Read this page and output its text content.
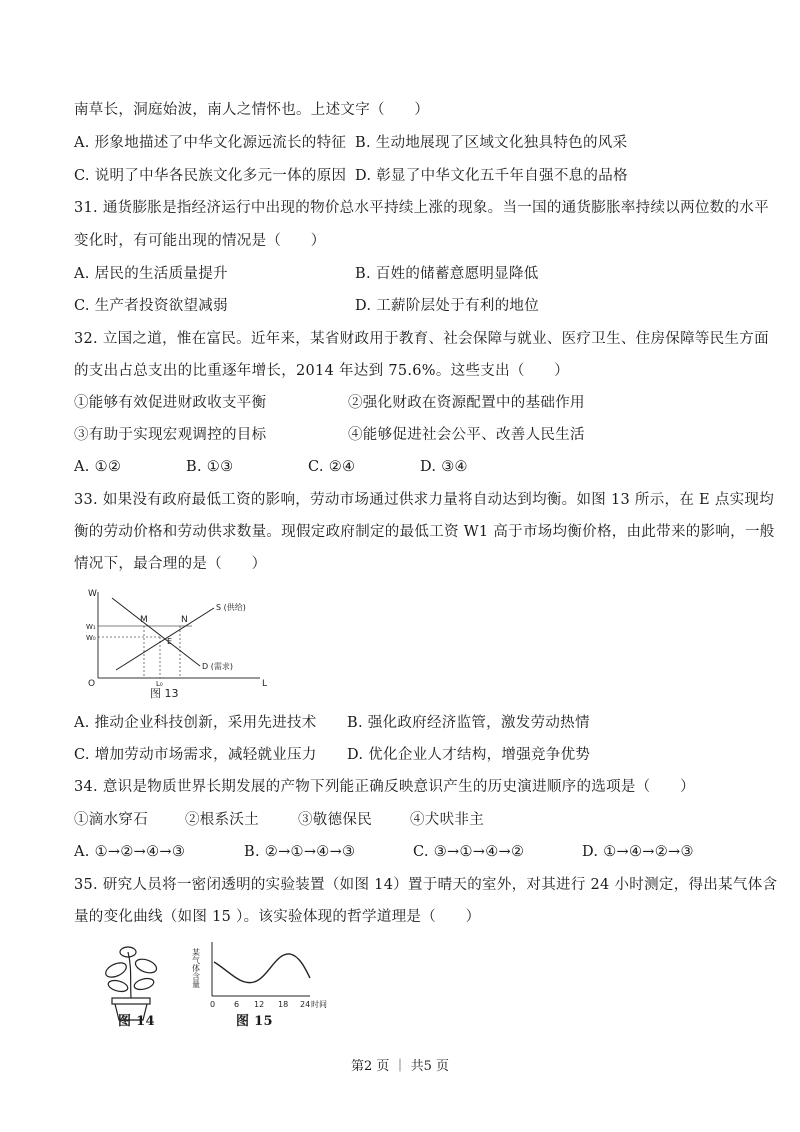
南草长，洞庭始波，南人之情怀也。上述文字（　　）
A. 形象地描述了中华文化源远流长的特征 B. 生动地展现了区域文化独具特色的风采
C. 说明了中华各民族文化多元一体的原因 D. 彰显了中华文化五千年自强不息的品格
31. 通货膨胀是指经济运行中出现的物价总水平持续上涨的现象。当一国的通货膨胀率持续以两位数的水平
变化时，有可能出现的情况是（　　）
A. 居民的生活质量提升	B. 百姓的储蓄意愿明显降低
C. 生产者投资欲望减弱	D. 工薪阶层处于有利的地位
32. 立国之道，惟在富民。近年来，某省财政用于教育、社会保障与就业、医疗卫生、住房保障等民生方面
的支出占总支出的比重逐年增长，2014 年达到 75.6%。这些支出（　　）
①能够有效促进财政收支平衡	②强化财政在资源配置中的基础作用
③有助于实现宏观调控的目标	④能够促进社会公平、改善人民生活
A. ①②	B. ①③	C. ②④	D. ③④
33. 如果没有政府最低工资的影响，劳动市场通过供求力量将自动达到均衡。如图 13 所示，在 E 点实现均
衡的劳动价格和劳动供求数量。现假定政府制定的最低工资 W1 高于市场均衡价格，由此带来的影响，一般
情况下，最合理的是（　　）
W
W₁
W₀
O	L₀	L
M	N
E
S (供给)
D (需求)
图 13
A. 推动企业科技创新，采用先进技术 B. 强化政府经济监管，激发劳动热情
C. 增加劳动市场需求，减轻就业压力 D. 优化企业人才结构，增强竞争优势
34. 意识是物质世界长期发展的产物下列能正确反映意识产生的历史演进顺序的选项是（　　）
①滴水穿石	②根系沃土	③敬德保民	④犬吠非主
A. ①→②→④→③	B. ②→①→④→③	C. ③→①→④→②	D. ①→④→②→③
35. 研究人员将一密闭透明的实验装置（如图 14）置于晴天的室外，对其进行 24 小时测定，得出某气体含
量的变化曲线（如图 15 ）。该实验体现的哲学道理是（　　）
图 14
某气体含量
0 6 12 18 24 时间
图 15
第2 页 ｜ 共5 页
